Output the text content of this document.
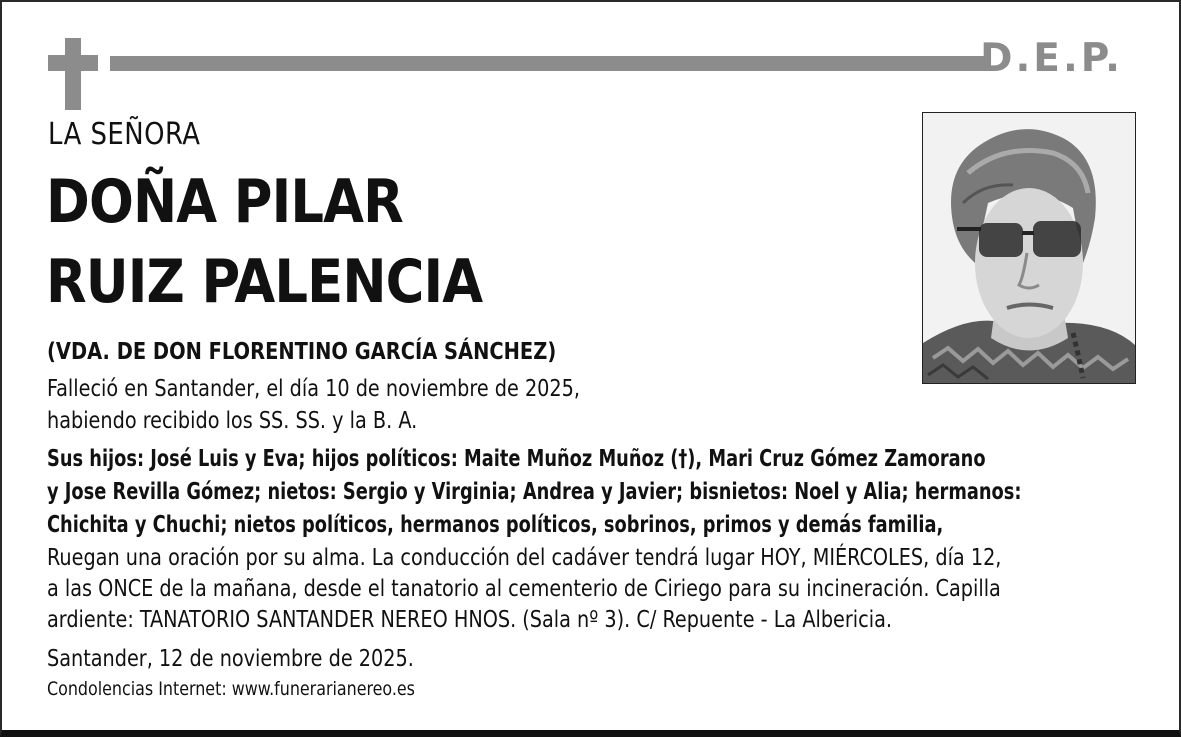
D.E.P.
LA SEÑORA
DOÑA PILAR
RUIZ PALENCIA
(VDA. DE DON FLORENTINO GARCÍA SÁNCHEZ)
Falleció en Santander, el día 10 de noviembre de 2025,
habiendo recibido los SS. SS. y la B. A.
Sus hijos: José Luis y Eva; hijos políticos: Maite Muñoz Muñoz (†), Mari Cruz Gómez Zamorano
y Jose Revilla Gómez; nietos: Sergio y Virginia; Andrea y Javier; bisnietos: Noel y Alia; hermanos:
Chichita y Chuchi; nietos políticos, hermanos políticos, sobrinos, primos y demás familia,
Ruegan una oración por su alma. La conducción del cadáver tendrá lugar HOY, MIÉRCOLES, día 12,
a las ONCE de la mañana, desde el tanatorio al cementerio de Ciriego para su incineración. Capilla
ardiente: TANATORIO SANTANDER NEREO HNOS. (Sala nº 3). C/ Repuente - La Albericia.
Santander, 12 de noviembre de 2025.
Condolencias Internet: www.funerarianereo.es
